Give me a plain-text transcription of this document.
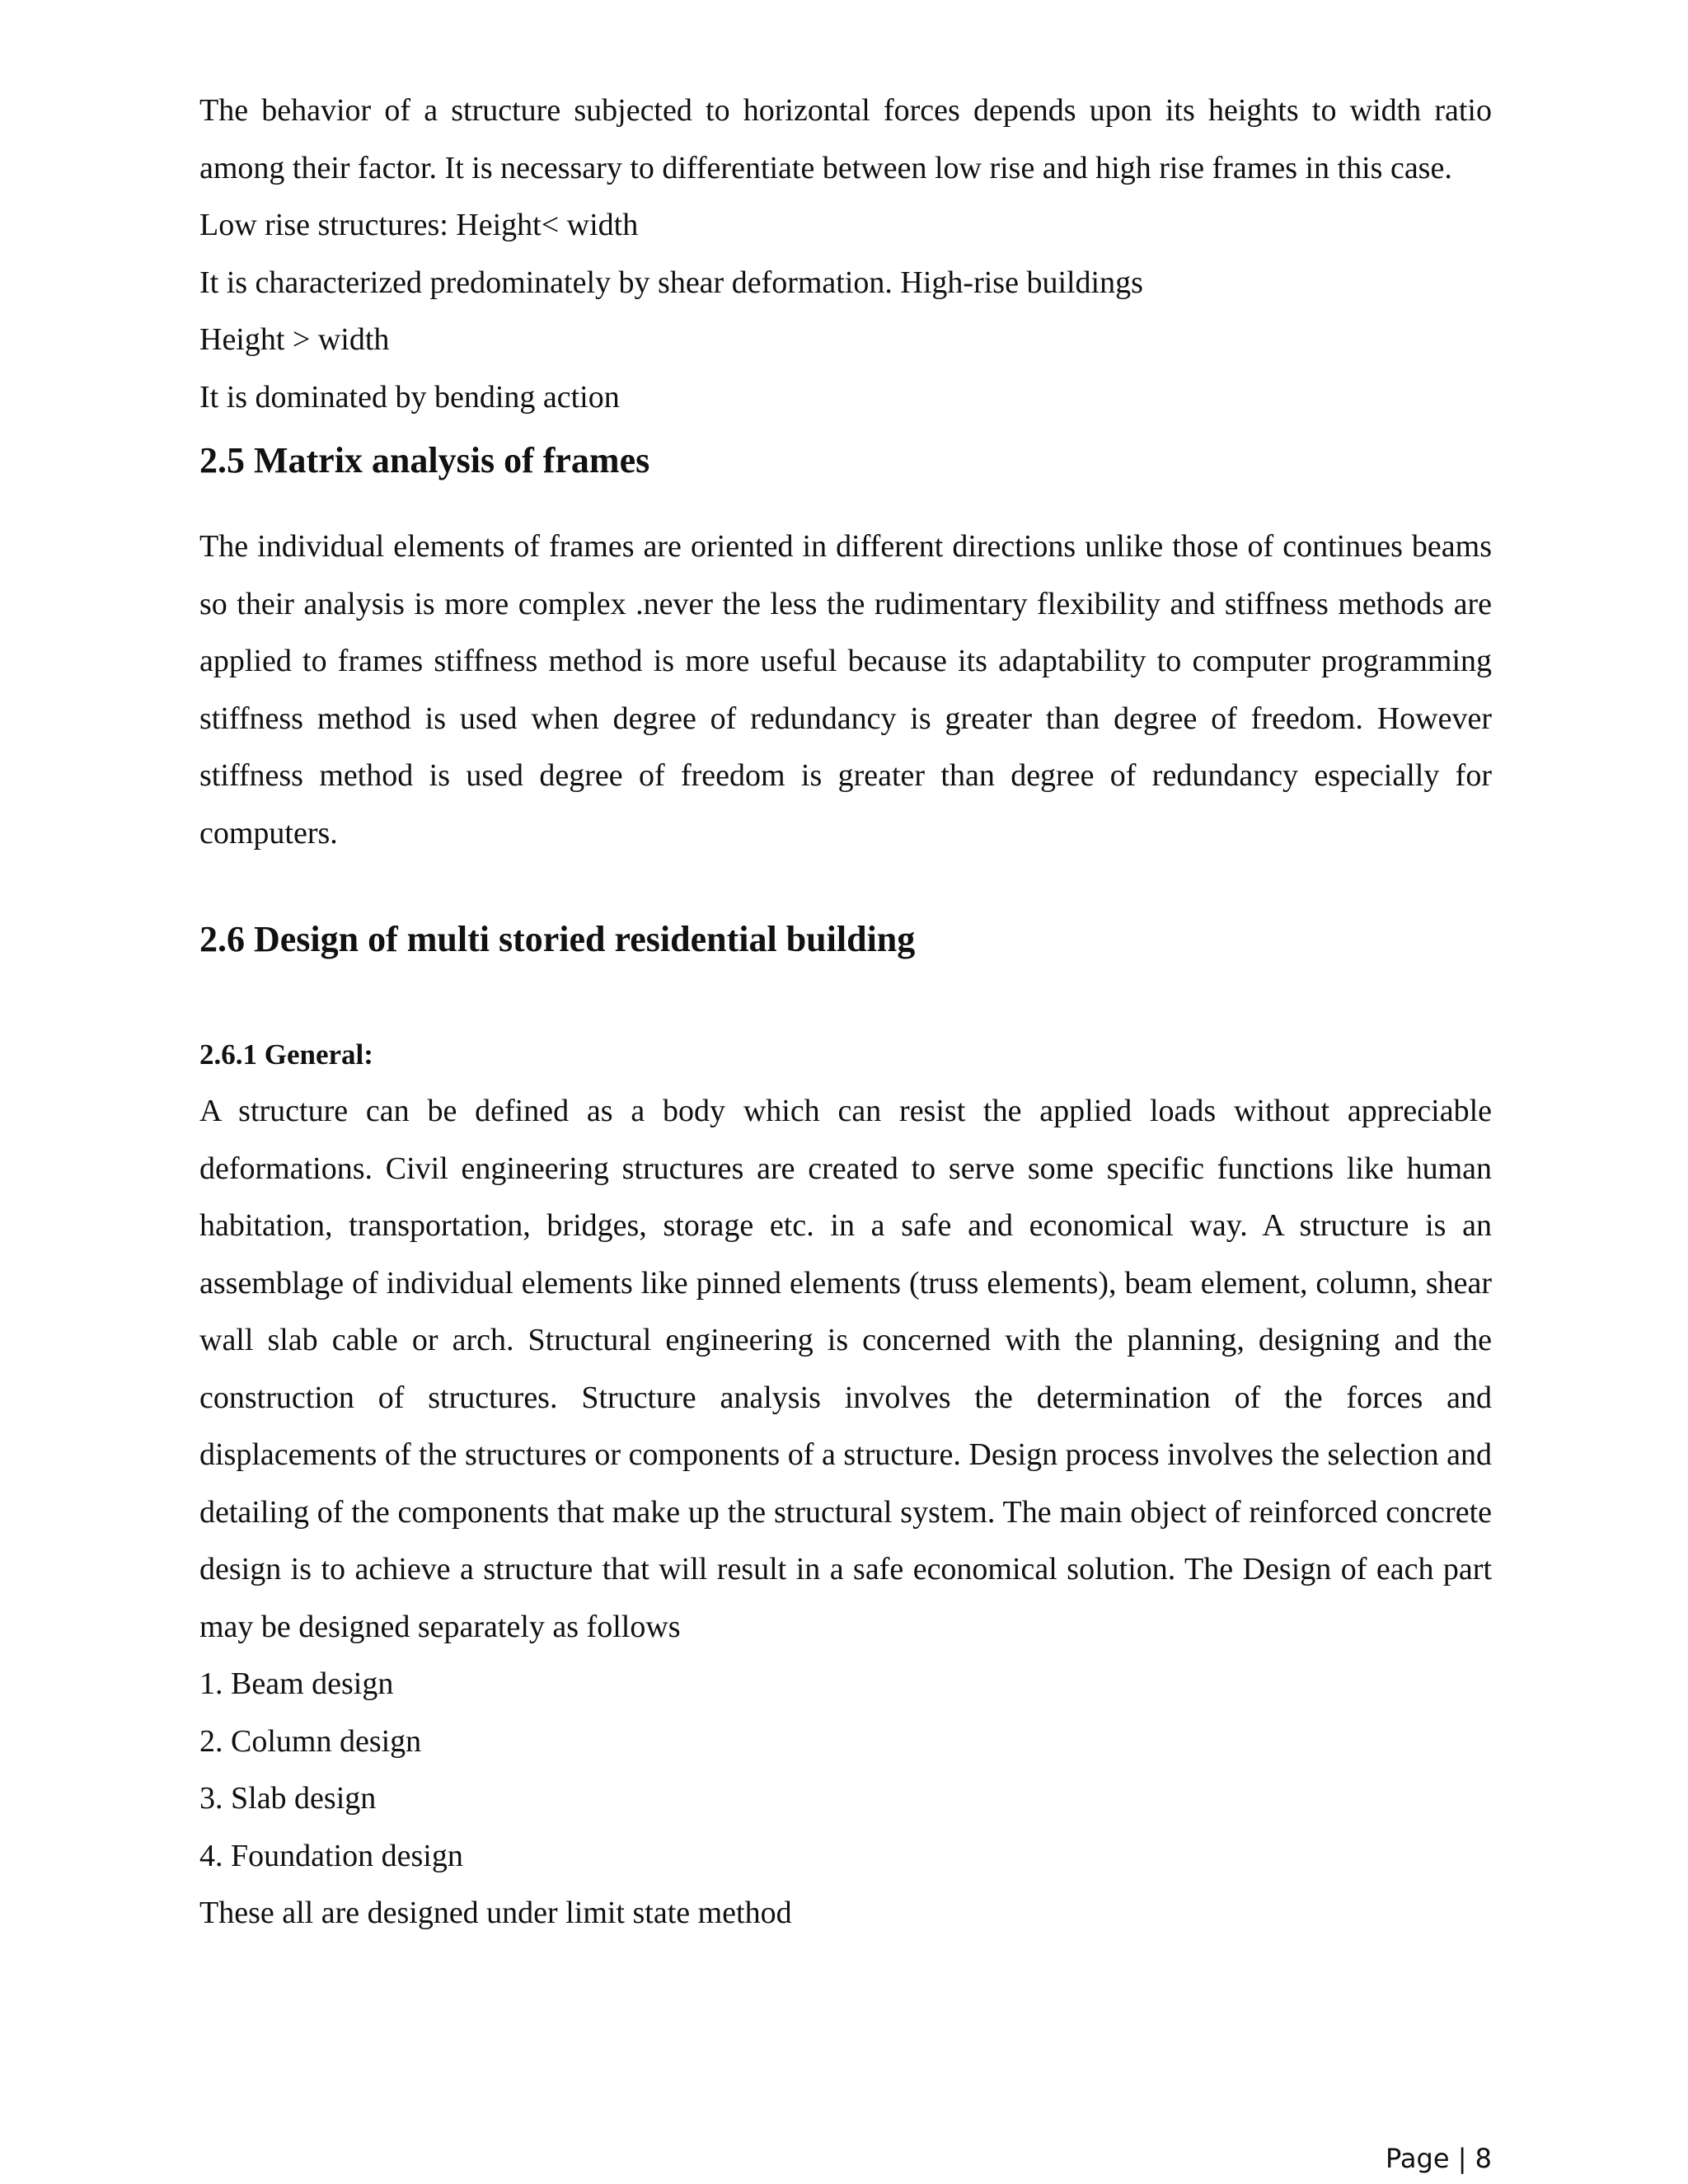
The behavior of a structure subjected to horizontal forces depends upon its heights to width ratio among their factor. It is necessary to differentiate between low rise and high rise frames in this case.

Low rise structures: Height< width

It is characterized predominately by shear deformation. High-rise buildings

Height > width

It is dominated by bending action

2.5 Matrix analysis of frames

The individual elements of frames are oriented in different directions unlike those of continues beams so their analysis is more complex .never the less the rudimentary flexibility and stiffness methods are applied to frames stiffness method is more useful because its adaptability to computer programming stiffness method is used when degree of redundancy is greater than degree of freedom. However stiffness method is used degree of freedom is greater than degree of redundancy especially for computers.

2.6 Design of multi storied residential building
2.6.1 General:

A structure can be defined as a body which can resist the applied loads without appreciable deformations. Civil engineering structures are created to serve some specific functions like human habitation, transportation, bridges, storage etc. in a safe and economical way. A structure is an assemblage of individual elements like pinned elements (truss elements), beam element, column, shear wall slab cable or arch. Structural engineering is concerned with the planning, designing and the construction of structures. Structure analysis involves the determination of the forces and displacements of the structures or components of a structure. Design process involves the selection and detailing of the components that make up the structural system. The main object of reinforced concrete design is to achieve a structure that will result in a safe economical solution. The Design of each part may be designed separately as follows

1. Beam design

2. Column design

3. Slab design

4. Foundation design

These all are designed under limit state method

Page | 8
